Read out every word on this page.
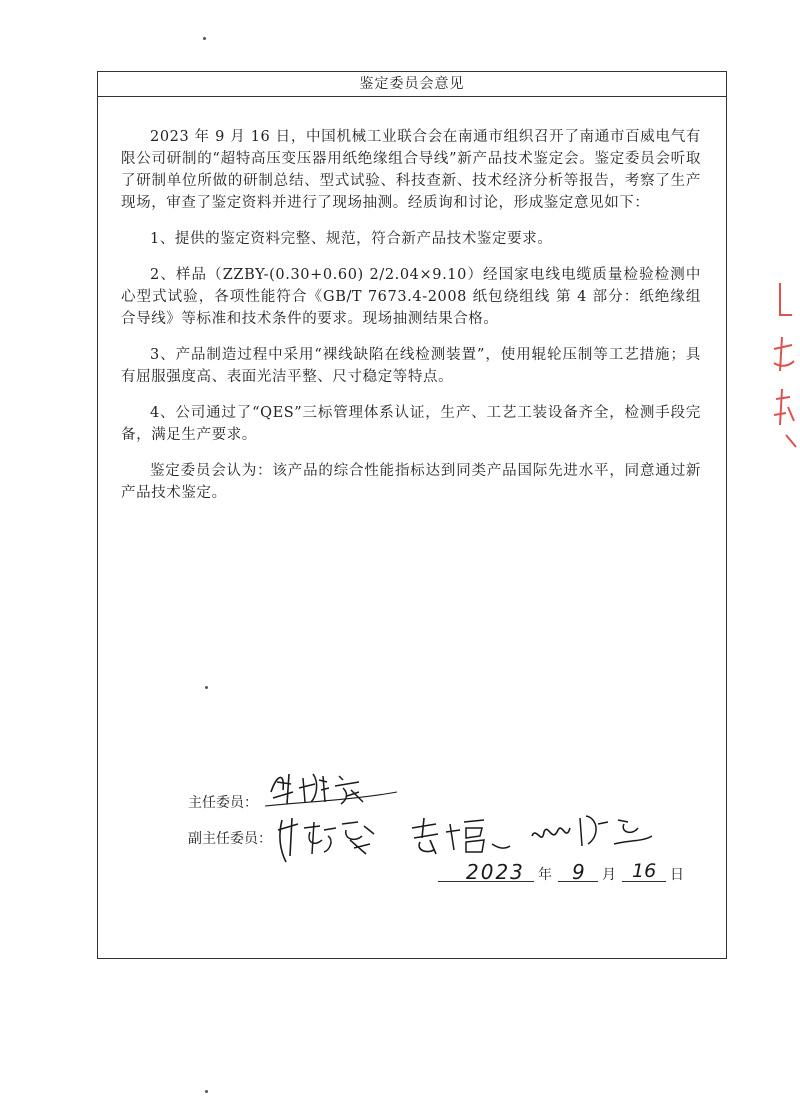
鉴定委员会意见

2023 年 9 月 16 日，中国机械工业联合会在南通市组织召开了南通市百威电气有限公司研制的“超特高压变压器用纸绝缘组合导线”新产品技术鉴定会。鉴定委员会听取了研制单位所做的研制总结、型式试验、科技查新、技术经济分析等报告，考察了生产现场，审查了鉴定资料并进行了现场抽测。经质询和讨论，形成鉴定意见如下：

1、提供的鉴定资料完整、规范，符合新产品技术鉴定要求。

2、样品（ZZBY-(0.30+0.60) 2/2.04×9.10）经国家电线电缆质量检验检测中心型式试验，各项性能符合《GB/T 7673.4-2008 纸包绕组线 第 4 部分：纸绝缘组合导线》等标准和技术条件的要求。现场抽测结果合格。

3、产品制造过程中采用“裸线缺陷在线检测装置”，使用辊轮压制等工艺措施；具有屈服强度高、表面光洁平整、尺寸稳定等特点。

4、公司通过了“QES”三标管理体系认证，生产、工艺工装设备齐全，检测手段完备，满足生产要求。

鉴定委员会认为：该产品的综合性能指标达到同类产品国际先进水平，同意通过新产品技术鉴定。

主任委员：
副主任委员：
2023 年 9 月 16 日
